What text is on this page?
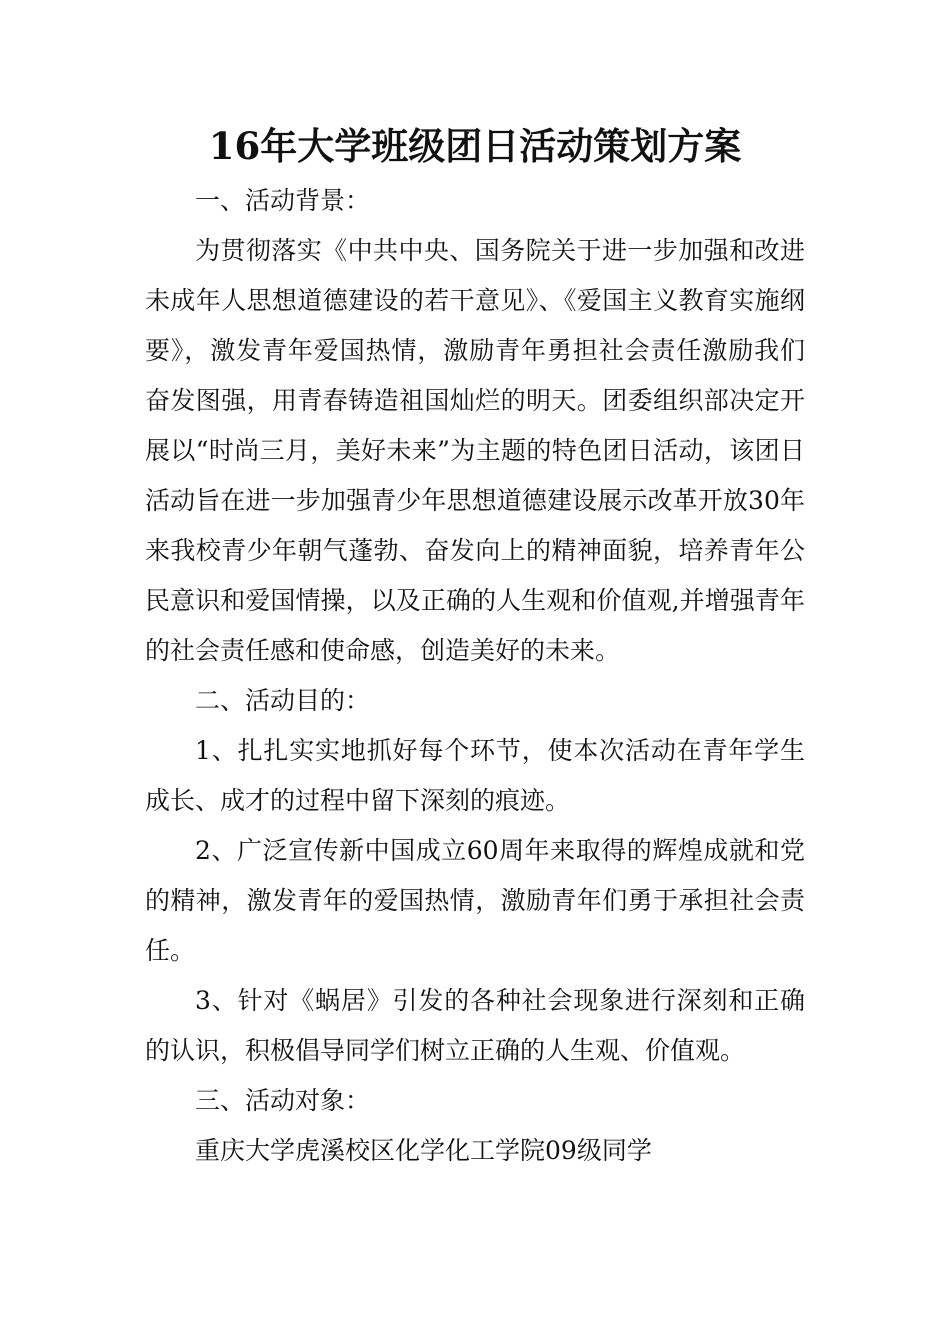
16年大学班级团日活动策划方案

一、活动背景：

为贯彻落实《中共中央、国务院关于进一步加强和改进未成年人思想道德建设的若干意见》、《爱国主义教育实施纲要》，激发青年爱国热情，激励青年勇担社会责任激励我们奋发图强，用青春铸造祖国灿烂的明天。团委组织部决定开展以“时尚三月，美好未来”为主题的特色团日活动，该团日活动旨在进一步加强青少年思想道德建设展示改革开放30年来我校青少年朝气蓬勃、奋发向上的精神面貌，培养青年公民意识和爱国情操，以及正确的人生观和价值观,并增强青年的社会责任感和使命感，创造美好的未来。

二、活动目的：

1、扎扎实实地抓好每个环节，使本次活动在青年学生成长、成才的过程中留下深刻的痕迹。

2、广泛宣传新中国成立60周年来取得的辉煌成就和党的精神，激发青年的爱国热情，激励青年们勇于承担社会责任。

3、针对《蜗居》引发的各种社会现象进行深刻和正确的认识，积极倡导同学们树立正确的人生观、价值观。

三、活动对象：

重庆大学虎溪校区化学化工学院09级同学
